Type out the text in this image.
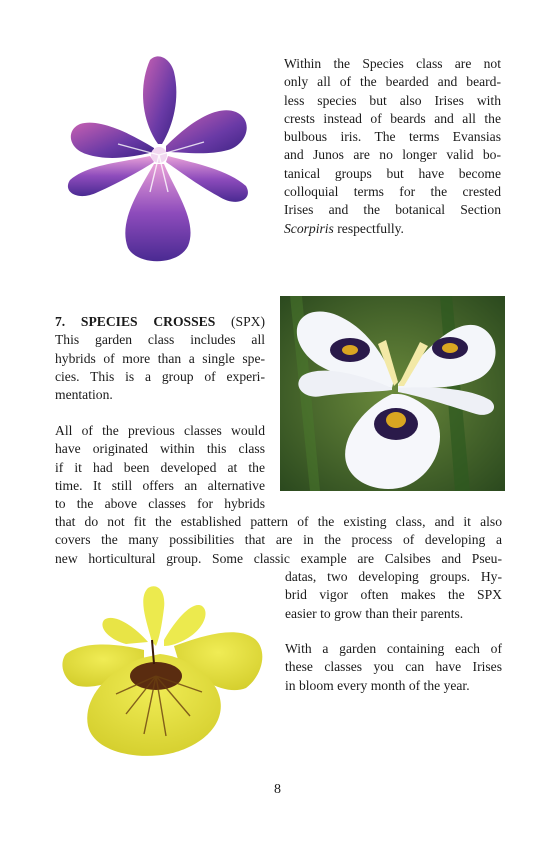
Within the Species class are not
only all of the bearded and beard-
less species but also Irises with
crests instead of beards and all the
bulbous iris. The terms Evansias
and Junos are no longer valid bo-
tanical groups but have become
colloquial terms for the crested
Irises and the botanical Section
Scorpiris respectfully.
7. SPECIES CROSSES (SPX)
This garden class includes all
hybrids of more than a single spe-
cies. This is a group of experi-
mentation.
All of the previous classes would
have originated within this class
if it had been developed at the
time. It still offers an alternative
to the above classes for hybrids
that do not fit the established pattern of the existing class, and it also
covers the many possibilities that are in the process of developing a
new horticultural group. Some classic example are Calsibes and Pseu-
datas, two developing groups. Hy-
brid vigor often makes the SPX
easier to grow than their parents.
With a garden containing each of
these classes you can have Irises
in bloom every month of the year.
8
